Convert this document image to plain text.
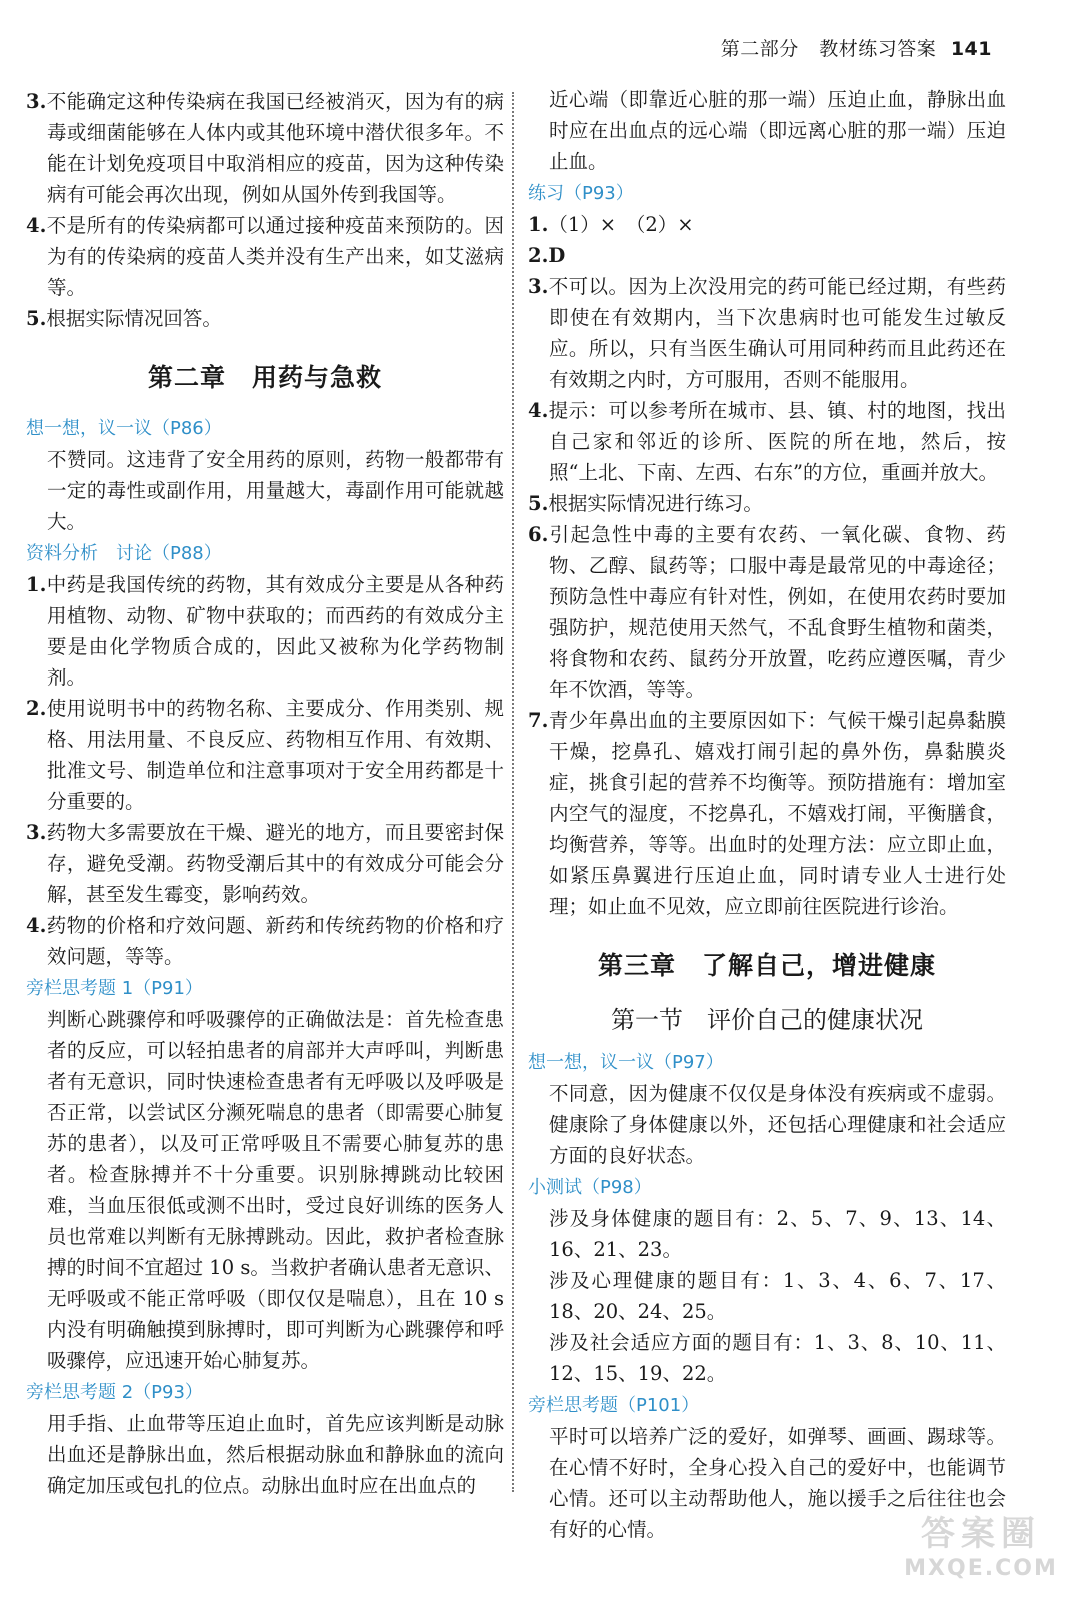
第二部分 教材练习答案 141

3.不能确定这种传染病在我国已经被消灭，因为有的病毒或细菌能够在人体内或其他环境中潜伏很多年。不能在计划免疫项目中取消相应的疫苗，因为这种传染病有可能会再次出现，例如从国外传到我国等。

4.不是所有的传染病都可以通过接种疫苗来预防的。因为有的传染病的疫苗人类并没有生产出来，如艾滋病等。

5.根据实际情况回答。

第二章　用药与急救
想一想，议一议（P86）

不赞同。这违背了安全用药的原则，药物一般都带有一定的毒性或副作用，用量越大，毒副作用可能就越大。

资料分析　讨论（P88）

1.中药是我国传统的药物，其有效成分主要是从各种药用植物、动物、矿物中获取的；而西药的有效成分主要是由化学物质合成的，因此又被称为化学药物制剂。

2.使用说明书中的药物名称、主要成分、作用类别、规格、用法用量、不良反应、药物相互作用、有效期、批准文号、制造单位和注意事项对于安全用药都是十分重要的。

3.药物大多需要放在干燥、避光的地方，而且要密封保存，避免受潮。药物受潮后其中的有效成分可能会分解，甚至发生霉变，影响药效。

4.药物的价格和疗效问题、新药和传统药物的价格和疗效问题，等等。

旁栏思考题 1（P91）

判断心跳骤停和呼吸骤停的正确做法是：首先检查患者的反应，可以轻拍患者的肩部并大声呼叫，判断患者有无意识，同时快速检查患者有无呼吸以及呼吸是否正常，以尝试区分濒死喘息的患者（即需要心肺复苏的患者），以及可正常呼吸且不需要心肺复苏的患者。检查脉搏并不十分重要。识别脉搏跳动比较困难，当血压很低或测不出时，受过良好训练的医务人员也常难以判断有无脉搏跳动。因此，救护者检查脉搏的时间不宜超过 10 s。当救护者确认患者无意识、无呼吸或不能正常呼吸（即仅仅是喘息），且在 10 s 内没有明确触摸到脉搏时，即可判断为心跳骤停和呼吸骤停，应迅速开始心肺复苏。

旁栏思考题 2（P93）

用手指、止血带等压迫止血时，首先应该判断是动脉出血还是静脉出血，然后根据动脉血和静脉血的流向确定加压或包扎的位点。动脉出血时应在出血点的

近心端（即靠近心脏的那一端）压迫止血，静脉出血时应在出血点的远心端（即远离心脏的那一端）压迫止血。

练习（P93）

1.（1）×　（2）×

2.D

3.不可以。因为上次没用完的药可能已经过期，有些药即使在有效期内，当下次患病时也可能发生过敏反应。所以，只有当医生确认可用同种药而且此药还在有效期之内时，方可服用，否则不能服用。

4.提示：可以参考所在城市、县、镇、村的地图，找出自己家和邻近的诊所、医院的所在地，然后，按照“上北、下南、左西、右东”的方位，重画并放大。

5.根据实际情况进行练习。

6.引起急性中毒的主要有农药、一氧化碳、食物、药物、乙醇、鼠药等；口服中毒是最常见的中毒途径；预防急性中毒应有针对性，例如，在使用农药时要加强防护，规范使用天然气，不乱食野生植物和菌类，将食物和农药、鼠药分开放置，吃药应遵医嘱，青少年不饮酒，等等。

7.青少年鼻出血的主要原因如下：气候干燥引起鼻黏膜干燥，挖鼻孔、嬉戏打闹引起的鼻外伤，鼻黏膜炎症，挑食引起的营养不均衡等。预防措施有：增加室内空气的湿度，不挖鼻孔，不嬉戏打闹，平衡膳食，均衡营养，等等。出血时的处理方法：应立即止血，如紧压鼻翼进行压迫止血，同时请专业人士进行处理；如止血不见效，应立即前往医院进行诊治。

第三章　了解自己，增进健康
第一节　评价自己的健康状况
想一想，议一议（P97）

不同意，因为健康不仅仅是身体没有疾病或不虚弱。健康除了身体健康以外，还包括心理健康和社会适应方面的良好状态。

小测试（P98）

涉及身体健康的题目有：2、5、7、9、13、14、16、21、23。

涉及心理健康的题目有：1、3、4、6、7、17、18、20、24、25。

涉及社会适应方面的题目有：1、3、8、10、11、12、15、19、22。

旁栏思考题（P101）

平时可以培养广泛的爱好，如弹琴、画画、踢球等。在心情不好时，全身心投入自己的爱好中，也能调节心情。还可以主动帮助他人，施以援手之后往往也会有好的心情。	答案圈
MXQE.COM
